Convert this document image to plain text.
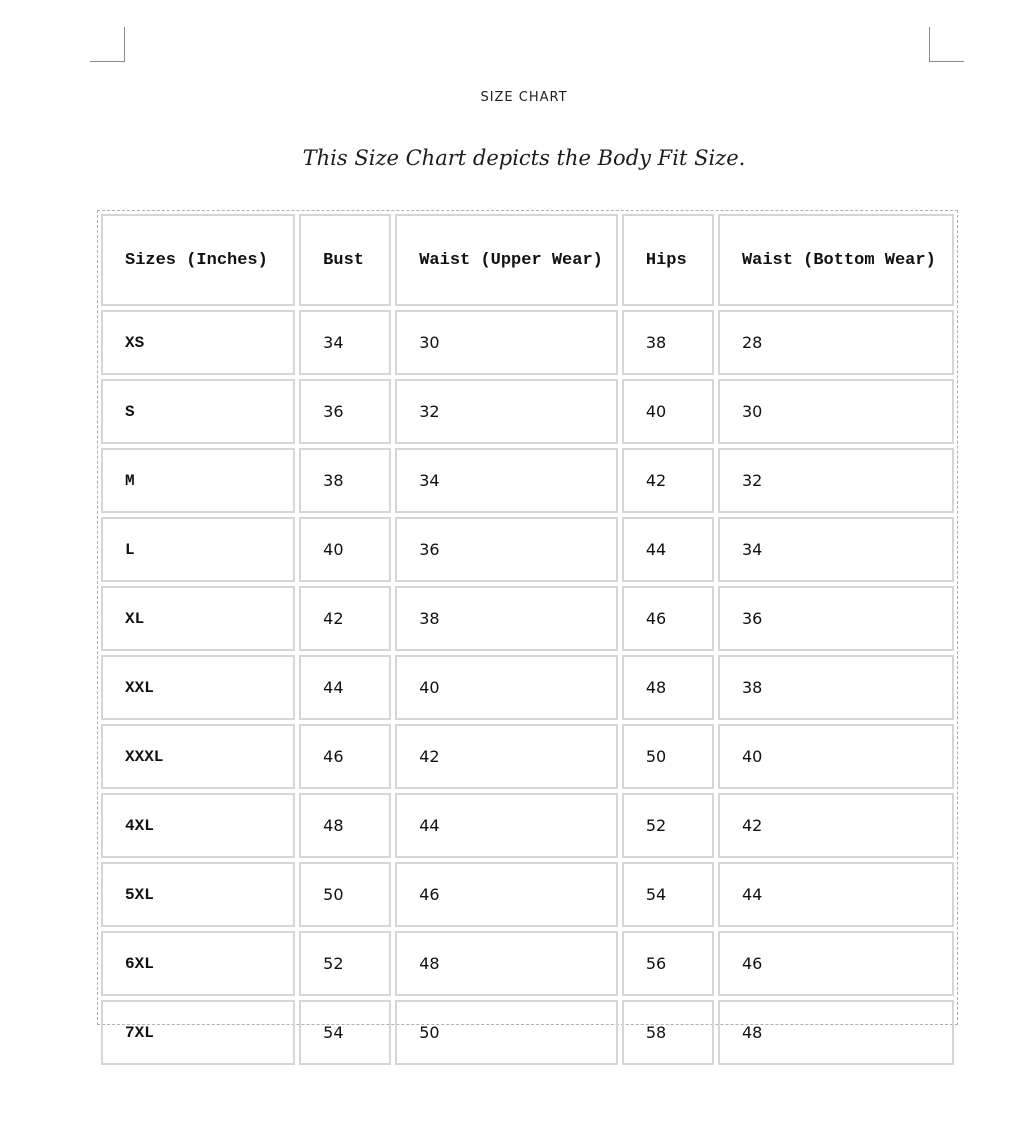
SIZE CHART
This Size Chart depicts the Body Fit Size.
Sizes (Inches)	Bust	Waist (Upper Wear)	Hips	Waist (Bottom Wear)
XS	34	30	38	28
S	36	32	40	30
M	38	34	42	32
L	40	36	44	34
XL	42	38	46	36
XXL	44	40	48	38
XXXL	46	42	50	40
4XL	48	44	52	42
5XL	50	46	54	44
6XL	52	48	56	46
7XL	54	50	58	48
